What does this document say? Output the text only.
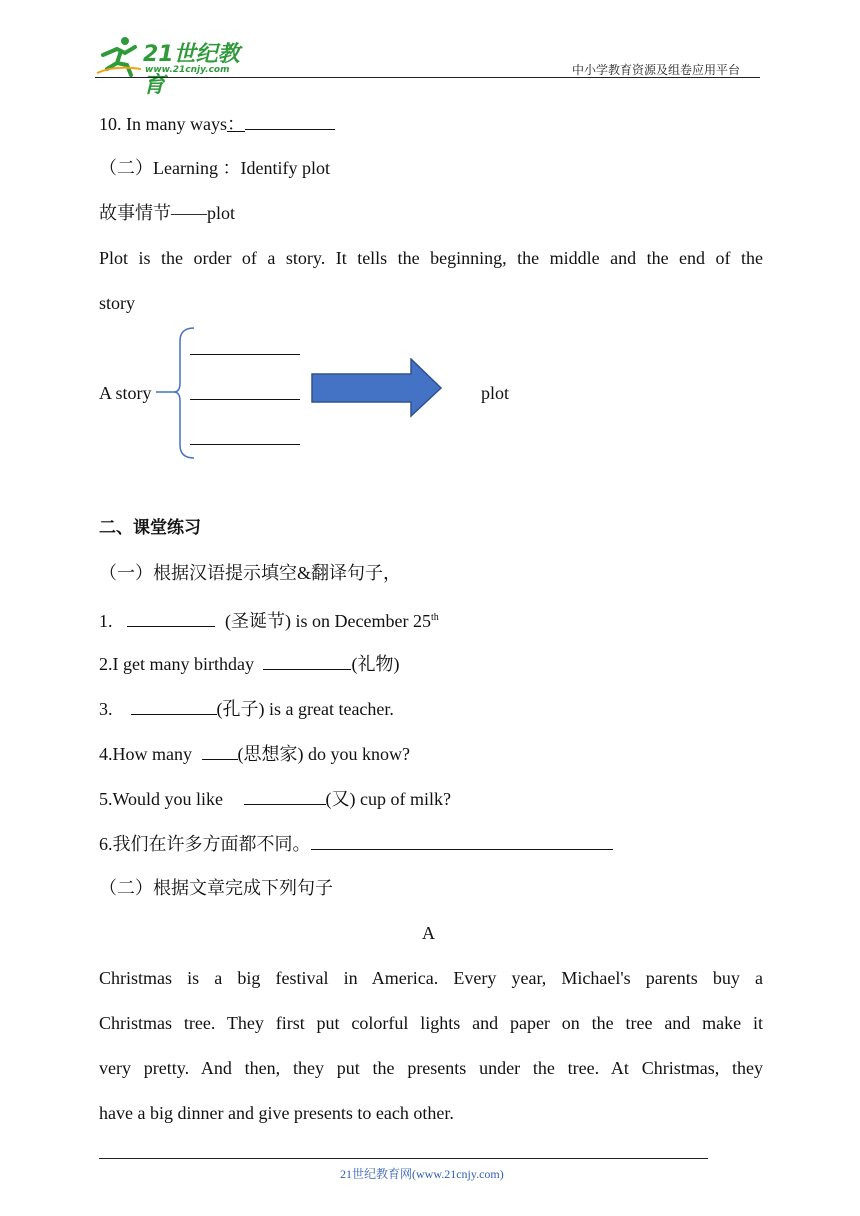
21世纪教育
www.21cnjy.com	中小学教育资源及组卷应用平台
10. In many ways：
（二）Learning ：Identify plot
故事情节——plot
Plot is the order of a story. It tells the beginning, the middle and the end of the
story
A story	plot
二、课堂练习
（一）根据汉语提示填空&翻译句子，
1.	(圣诞节) is on December 25th
2.I get many birthday	(礼物)
3.	(孔子) is a great teacher.
4.How many (思想家) do you know?
5.Would you like	(又) cup of milk?
6.我们在许多方面都不同。
（二）根据文章完成下列句子
A
Christmas is a big festival in America. Every year, Michael's parents buy a
Christmas tree. They first put colorful lights and paper on the tree and make it
very pretty. And then, they put the presents under the tree. At Christmas, they
have a big dinner and give presents to each other.
21世纪教育网(www.21cnjy.com)
